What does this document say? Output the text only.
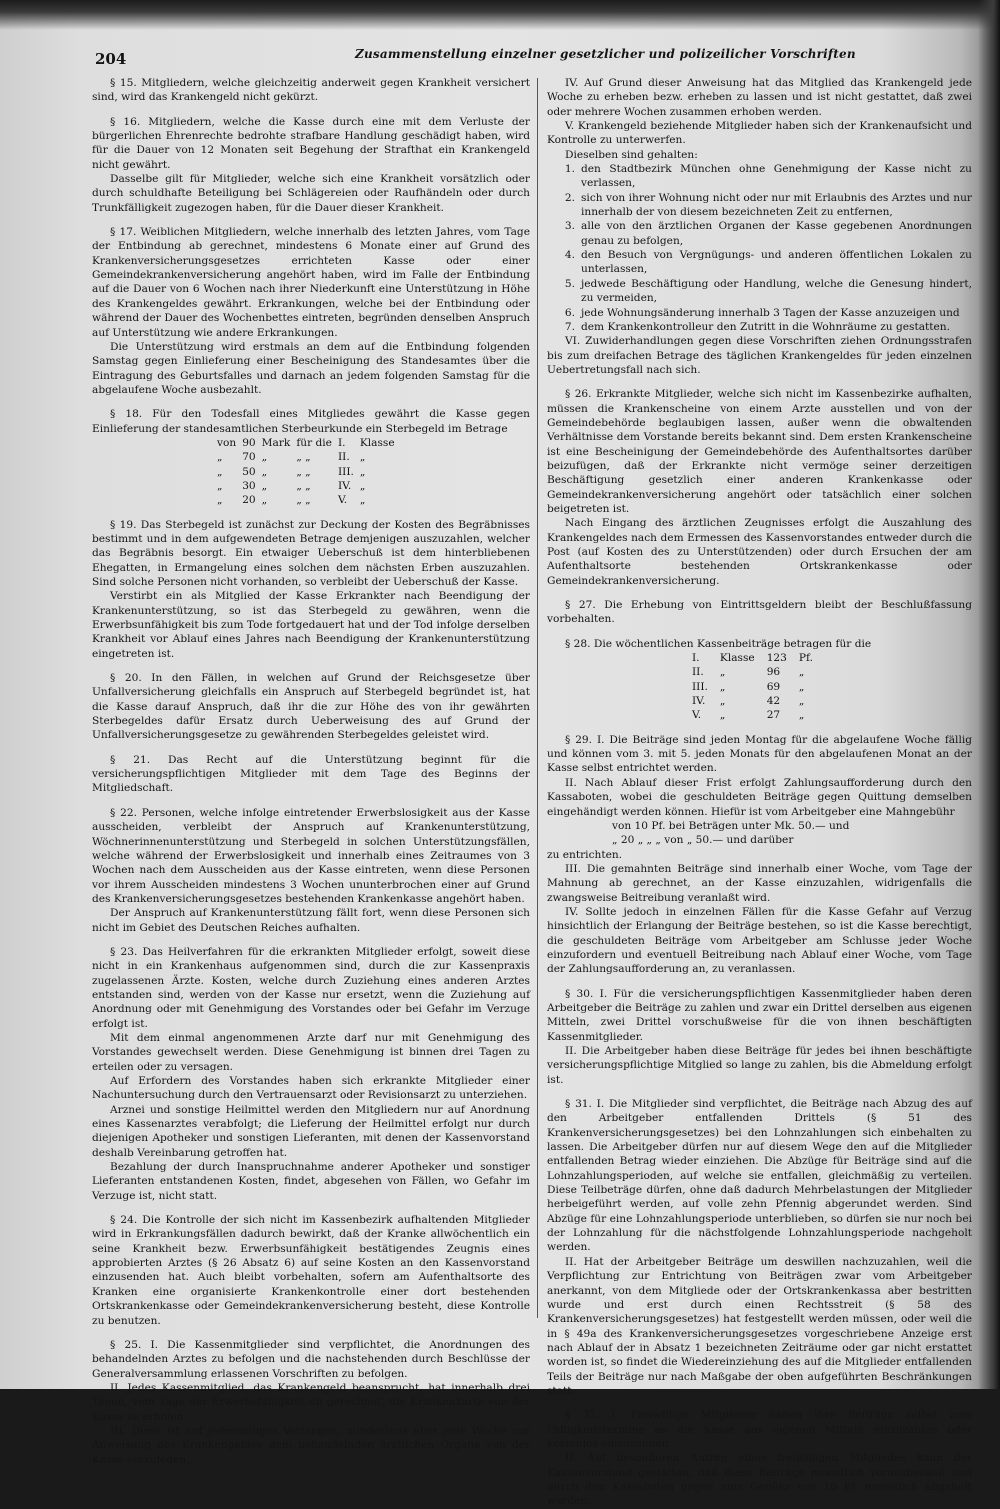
204	Zusammenstellung einzelner gesetzlicher und polizeilicher Vorschriften

§ 15. Mitgliedern, welche gleichzeitig anderweit gegen Krankheit versichert sind, wird das Krankengeld nicht gekürzt.

§ 16. Mitgliedern, welche die Kasse durch eine mit dem Verluste der bürgerlichen Ehrenrechte bedrohte strafbare Handlung geschädigt haben, wird für die Dauer von 12 Monaten seit Begehung der Strafthat ein Krankengeld nicht gewährt.

Dasselbe gilt für Mitglieder, welche sich eine Krankheit vorsätzlich oder durch schuldhafte Beteiligung bei Schlägereien oder Raufhändeln oder durch Trunkfälligkeit zugezogen haben, für die Dauer dieser Krankheit.

§ 17. Weiblichen Mitgliedern, welche innerhalb des letzten Jahres, vom Tage der Entbindung ab gerechnet, mindestens 6 Monate einer auf Grund des Krankenversicherungsgesetzes errichteten Kasse oder einer Gemeindekrankenversicherung angehört haben, wird im Falle der Entbindung auf die Dauer von 6 Wochen nach ihrer Niederkunft eine Unterstützung in Höhe des Krankengeldes gewährt. Erkrankungen, welche bei der Entbindung oder während der Dauer des Wochenbettes eintreten, begründen denselben Anspruch auf Unterstützung wie andere Erkrankungen.

Die Unterstützung wird erstmals an dem auf die Entbindung folgenden Samstag gegen Einlieferung einer Bescheinigung des Standesamtes über die Eintragung des Geburtsfalles und darnach an jedem folgenden Samstag für die abgelaufene Woche ausbezahlt.

§ 18. Für den Todesfall eines Mitgliedes gewährt die Kasse gegen Einlieferung der standesamtlichen Sterbeurkunde ein Sterbegeld im Betrage

von	90	Mark	für die	I.	Klasse
„	70	„	„ „	II.	„
„	50	„	„ „	III.	„
„	30	„	„ „	IV.	„
„	20	„	„ „	V.	„

§ 19. Das Sterbegeld ist zunächst zur Deckung der Kosten des Begräbnisses bestimmt und in dem aufgewendeten Betrage demjenigen auszuzahlen, welcher das Begräbnis besorgt. Ein etwaiger Ueberschuß ist dem hinterbliebenen Ehegatten, in Ermangelung eines solchen dem nächsten Erben auszuzahlen. Sind solche Personen nicht vorhanden, so verbleibt der Ueberschuß der Kasse.

Verstirbt ein als Mitglied der Kasse Erkrankter nach Beendigung der Krankenunterstützung, so ist das Sterbegeld zu gewähren, wenn die Erwerbsunfähigkeit bis zum Tode fortgedauert hat und der Tod infolge derselben Krankheit vor Ablauf eines Jahres nach Beendigung der Krankenunterstützung eingetreten ist.

§ 20. In den Fällen, in welchen auf Grund der Reichsgesetze über Unfallversicherung gleichfalls ein Anspruch auf Sterbegeld begründet ist, hat die Kasse darauf Anspruch, daß ihr die zur Höhe des von ihr gewährten Sterbegeldes dafür Ersatz durch Ueberweisung des auf Grund der Unfallversicherungsgesetze zu gewährenden Sterbegeldes geleistet wird.

§ 21. Das Recht auf die Unterstützung beginnt für die versicherungspflichtigen Mitglieder mit dem Tage des Beginns der Mitgliedschaft.

§ 22. Personen, welche infolge eintretender Erwerbslosigkeit aus der Kasse ausscheiden, verbleibt der Anspruch auf Krankenunterstützung, Wöchnerinnenunterstützung und Sterbegeld in solchen Unterstützungsfällen, welche während der Erwerbslosigkeit und innerhalb eines Zeitraumes von 3 Wochen nach dem Ausscheiden aus der Kasse eintreten, wenn diese Personen vor ihrem Ausscheiden mindestens 3 Wochen ununterbrochen einer auf Grund des Krankenversicherungsgesetzes bestehenden Krankenkasse angehört haben.

Der Anspruch auf Krankenunterstützung fällt fort, wenn diese Personen sich nicht im Gebiet des Deutschen Reiches aufhalten.

§ 23. Das Heilverfahren für die erkrankten Mitglieder erfolgt, soweit diese nicht in ein Krankenhaus aufgenommen sind, durch die zur Kassenpraxis zugelassenen Ärzte. Kosten, welche durch Zuziehung eines anderen Arztes entstanden sind, werden von der Kasse nur ersetzt, wenn die Zuziehung auf Anordnung oder mit Genehmigung des Vorstandes oder bei Gefahr im Verzuge erfolgt ist.

Mit dem einmal angenommenen Arzte darf nur mit Genehmigung des Vorstandes gewechselt werden. Diese Genehmigung ist binnen drei Tagen zu erteilen oder zu versagen.

Auf Erfordern des Vorstandes haben sich erkrankte Mitglieder einer Nachuntersuchung durch den Vertrauensarzt oder Revisionsarzt zu unterziehen.

Arznei und sonstige Heilmittel werden den Mitgliedern nur auf Anordnung eines Kassenarztes verabfolgt; die Lieferung der Heilmittel erfolgt nur durch diejenigen Apotheker und sonstigen Lieferanten, mit denen der Kassenvorstand deshalb Vereinbarung getroffen hat.

Bezahlung der durch Inanspruchnahme anderer Apotheker und sonstiger Lieferanten entstandenen Kosten, findet, abgesehen von Fällen, wo Gefahr im Verzuge ist, nicht statt.

§ 24. Die Kontrolle der sich nicht im Kassenbezirk aufhaltenden Mitglieder wird in Erkrankungsfällen dadurch bewirkt, daß der Kranke allwöchentlich ein seine Krankheit bezw. Erwerbsunfähigkeit bestätigendes Zeugnis eines approbierten Arztes (§ 26 Absatz 6) auf seine Kosten an den Kassenvorstand einzusenden hat. Auch bleibt vorbehalten, sofern am Aufenthaltsorte des Kranken eine organisierte Krankenkontrolle einer dort bestehenden Ortskrankenkasse oder Gemeindekrankenversicherung besteht, diese Kontrolle zu benutzen.

§ 25. I. Die Kassenmitglieder sind verpflichtet, die Anordnungen des behandelnden Arztes zu befolgen und die nachstehenden durch Beschlüsse der Generalversammlung erlassenen Vorschriften zu befolgen.

II. Jedes Kassenmitglied, das Krankengeld beansprucht, hat innerhalb drei Tagen, vom Tage der Erwerbsfähigkeit ab gerechnet, die Krankenkarte von der Kasse zu erholen.

III. Diese ist auf jedesmaliges Verlangen, mindestens aber jede Woche zur Anweisung des Krankengeldes dem behandelnden ärztlichen Organe von der Kasse vorzulegen.

IV. Auf Grund dieser Anweisung hat das Mitglied das Krankengeld jede Woche zu erheben bezw. erheben zu lassen und ist nicht gestattet, daß zwei oder mehrere Wochen zusammen erhoben werden.

V. Krankengeld beziehende Mitglieder haben sich der Krankenaufsicht und Kontrolle zu unterwerfen.

Dieselben sind gehalten:

1. den Stadtbezirk München ohne Genehmigung der Kasse nicht zu verlassen,
2. sich von ihrer Wohnung nicht oder nur mit Erlaubnis des Arztes und nur innerhalb der von diesem bezeichneten Zeit zu entfernen,
3. alle von den ärztlichen Organen der Kasse gegebenen Anordnungen genau zu befolgen,
4. den Besuch von Vergnügungs- und anderen öffentlichen Lokalen zu unterlassen,
5. jedwede Beschäftigung oder Handlung, welche die Genesung hindert, zu vermeiden,
6. jede Wohnungsänderung innerhalb 3 Tagen der Kasse anzuzeigen und
7. dem Krankenkontrolleur den Zutritt in die Wohnräume zu gestatten.

VI. Zuwiderhandlungen gegen diese Vorschriften ziehen Ordnungsstrafen bis zum dreifachen Betrage des täglichen Krankengeldes für jeden einzelnen Uebertretungsfall nach sich.

§ 26. Erkrankte Mitglieder, welche sich nicht im Kassenbezirke aufhalten, müssen die Krankenscheine von einem Arzte ausstellen und von der Gemeindebehörde beglaubigen lassen, außer wenn die obwaltenden Verhältnisse dem Vorstande bereits bekannt sind. Dem ersten Krankenscheine ist eine Bescheinigung der Gemeindebehörde des Aufenthaltsortes darüber beizufügen, daß der Erkrankte nicht vermöge seiner derzeitigen Beschäftigung gesetzlich einer anderen Krankenkasse oder Gemeindekrankenversicherung angehört oder tatsächlich einer solchen beigetreten ist.

Nach Eingang des ärztlichen Zeugnisses erfolgt die Auszahlung des Krankengeldes nach dem Ermessen des Kassenvorstandes entweder durch die Post (auf Kosten des zu Unterstützenden) oder durch Ersuchen der am Aufenthaltsorte bestehenden Ortskrankenkasse oder Gemeindekrankenversicherung.

§ 27. Die Erhebung von Eintrittsgeldern bleibt der Beschlußfassung vorbehalten.

§ 28. Die wöchentlichen Kassenbeiträge betragen für die

I.	Klasse	123	Pf.
II.	„	96	„
III.	„	69	„
IV.	„	42	„
V.	„	27	„

§ 29. I. Die Beiträge sind jeden Montag für die abgelaufene Woche fällig und können vom 3. mit 5. jeden Monats für den abgelaufenen Monat an der Kasse selbst entrichtet werden.

II. Nach Ablauf dieser Frist erfolgt Zahlungsaufforderung durch den Kassaboten, wobei die geschuldeten Beiträge gegen Quittung demselben eingehändigt werden können. Hiefür ist vom Arbeitgeber eine Mahngebühr

von 10 Pf. bei Beträgen unter Mk. 50.— und
„ 20 „ „ „ von „ 50.— und darüber
zu entrichten.

III. Die gemahnten Beiträge sind innerhalb einer Woche, vom Tage der Mahnung ab gerechnet, an der Kasse einzuzahlen, widrigenfalls die zwangsweise Beitreibung veranlaßt wird.

IV. Sollte jedoch in einzelnen Fällen für die Kasse Gefahr auf Verzug hinsichtlich der Erlangung der Beiträge bestehen, so ist die Kasse berechtigt, die geschuldeten Beiträge vom Arbeitgeber am Schlusse jeder Woche einzufordern und eventuell Beitreibung nach Ablauf einer Woche, vom Tage der Zahlungsaufforderung an, zu veranlassen.

§ 30. I. Für die versicherungspflichtigen Kassenmitglieder haben deren Arbeitgeber die Beiträge zu zahlen und zwar ein Drittel derselben aus eigenen Mitteln, zwei Drittel vorschußweise für die von ihnen beschäftigten Kassenmitglieder.

II. Die Arbeitgeber haben diese Beiträge für jedes bei ihnen beschäftigte versicherungspflichtige Mitglied so lange zu zahlen, bis die Abmeldung erfolgt ist.

§ 31. I. Die Mitglieder sind verpflichtet, die Beiträge nach Abzug des auf den Arbeitgeber entfallenden Drittels (§ 51 des Krankenversicherungsgesetzes) bei den Lohnzahlungen sich einbehalten zu lassen. Die Arbeitgeber dürfen nur auf diesem Wege den auf die Mitglieder entfallenden Betrag wieder einziehen. Die Abzüge für Beiträge sind auf die Lohnzahlungsperioden, auf welche sie entfallen, gleichmäßig zu verteilen. Diese Teilbeträge dürfen, ohne daß dadurch Mehrbelastungen der Mitglieder herbeigeführt werden, auf volle zehn Pfennig abgerundet werden. Sind Abzüge für eine Lohnzahlungsperiode unterblieben, so dürfen sie nur noch bei der Lohnzahlung für die nächstfolgende Lohnzahlungsperiode nachgeholt werden.

II. Hat der Arbeitgeber Beiträge um deswillen nachzuzahlen, weil die Verpflichtung zur Entrichtung von Beiträgen zwar vom Arbeitgeber anerkannt, von dem Mitgliede oder der Ortskrankenkassa aber bestritten wurde und erst durch einen Rechtsstreit (§ 58 des Krankenversicherungsgesetzes) hat festgestellt werden müssen, oder weil die in § 49a des Krankenversicherungsgesetzes vorgeschriebene Anzeige erst nach Ablauf der in Absatz 1 bezeichneten Zeiträume oder gar nicht erstattet worden ist, so findet die Wiedereinziehung des auf die Mitglieder entfallenden Teils der Beiträge nur nach Maßgabe der oben aufgeführten Beschränkungen statt.

§ 32. I. Freiwillige Mitglieder haben ihre Beiträge selbst zum Fälligkeitstermine an die Kasse aus eigenen Mitteln einzuzahlen oder kostenlos einzusenden.

II. Auf besonderen Antrag eines freiwilligen Mitgliedes kann der Kassenvorstand gestatten, daß diese Beiträge monatlich vorausbezahlt und durch den Kassaboten gegen eine Gebühr von 10 Pf. monatlich abgeholt werden.
